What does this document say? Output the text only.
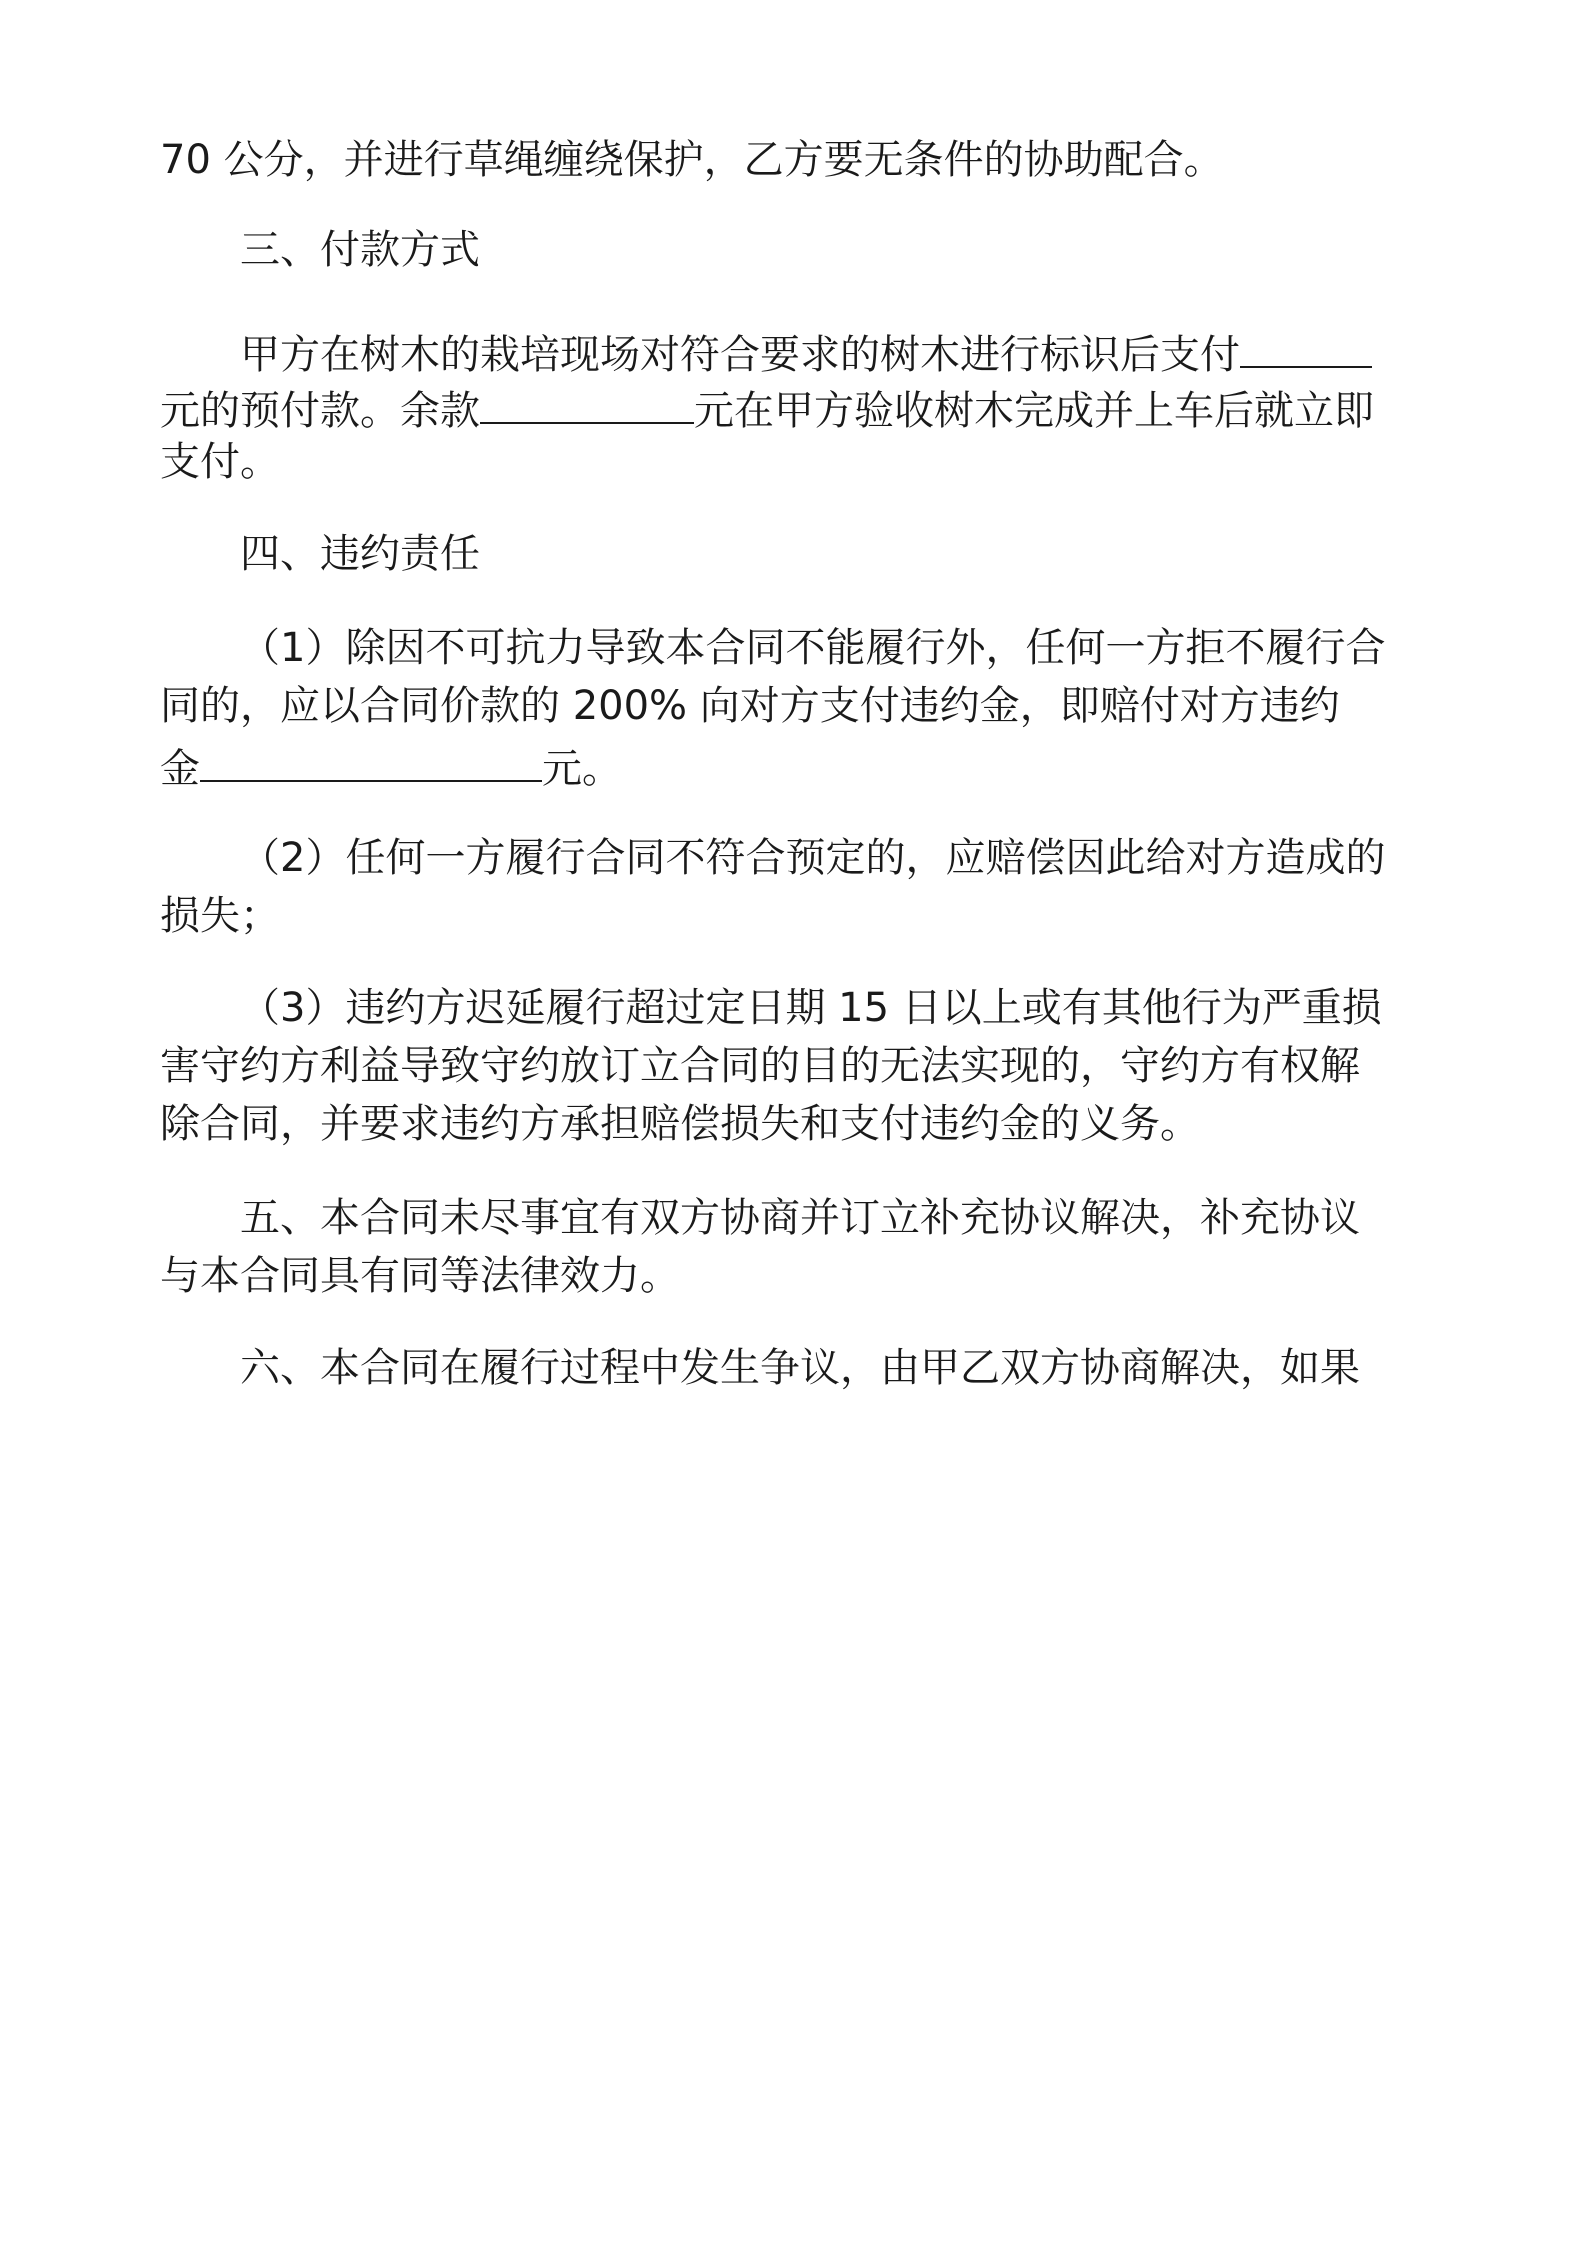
70 公分，并进行草绳缠绕保护，乙方要无条件的协助配合。
三、付款方式
甲方在树木的栽培现场对符合要求的树木进行标识后支付
元的预付款。余款	元在甲方验收树木完成并上车后就立即
支付。
四、违约责任
（1）除因不可抗力导致本合同不能履行外，任何一方拒不履行合
同的，应以合同价款的 200% 向对方支付违约金，即赔付对方违约
金	元。
（2）任何一方履行合同不符合预定的，应赔偿因此给对方造成的
损失；
（3）违约方迟延履行超过定日期 15 日以上或有其他行为严重损
害守约方利益导致守约放订立合同的目的无法实现的，守约方有权解
除合同，并要求违约方承担赔偿损失和支付违约金的义务。
五、本合同未尽事宜有双方协商并订立补充协议解决，补充协议
与本合同具有同等法律效力。
六、本合同在履行过程中发生争议，由甲乙双方协商解决，如果
